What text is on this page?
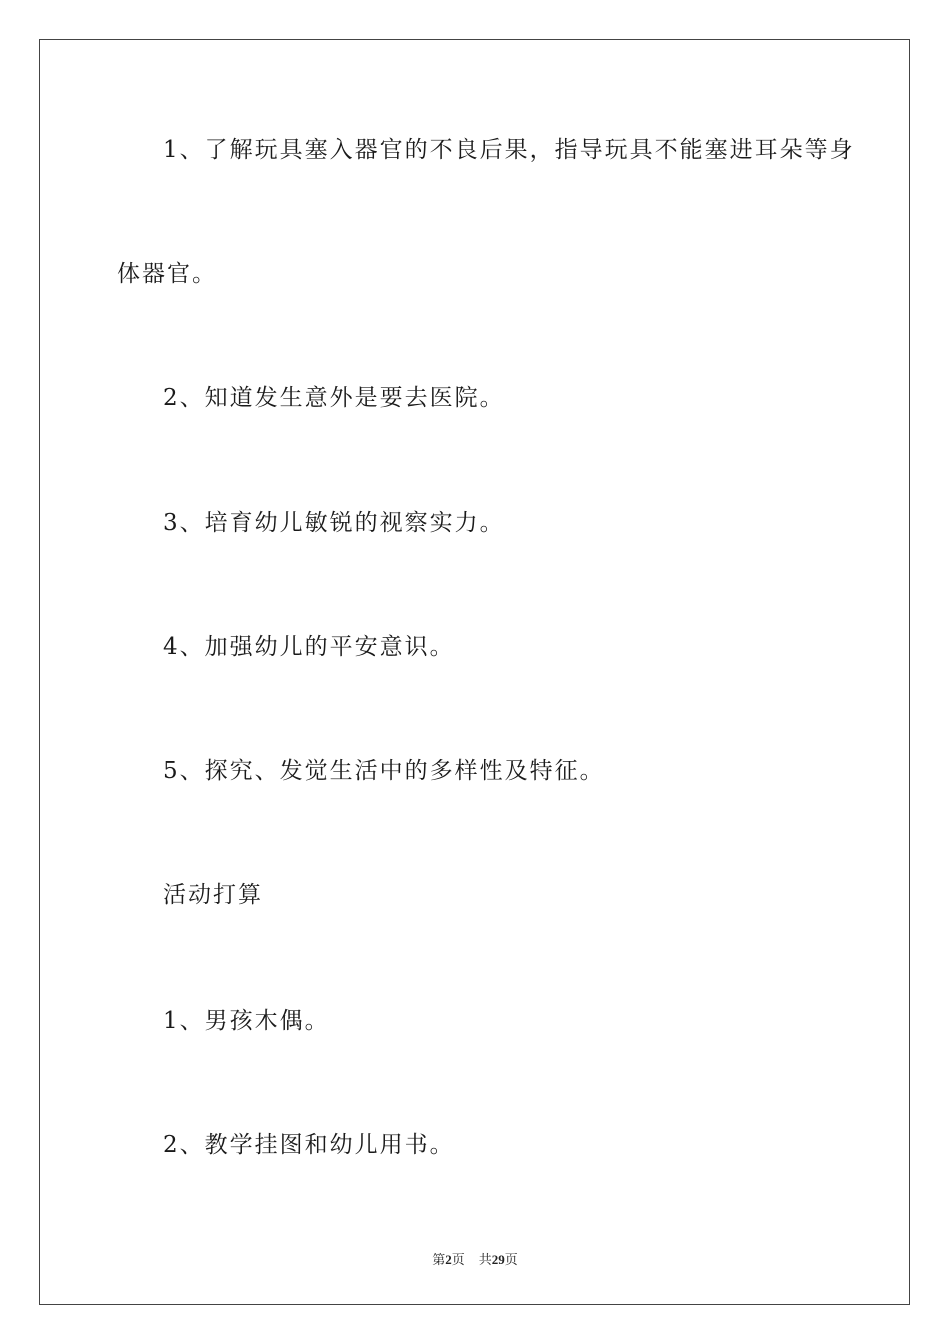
1、了解玩具塞入器官的不良后果，指导玩具不能塞进耳朵等身
体器官。
2、知道发生意外是要去医院。
3、培育幼儿敏锐的视察实力。
4、加强幼儿的平安意识。
5、探究、发觉生活中的多样性及特征。
活动打算
1、男孩木偶。
2、教学挂图和幼儿用书。
第2页 共29页
